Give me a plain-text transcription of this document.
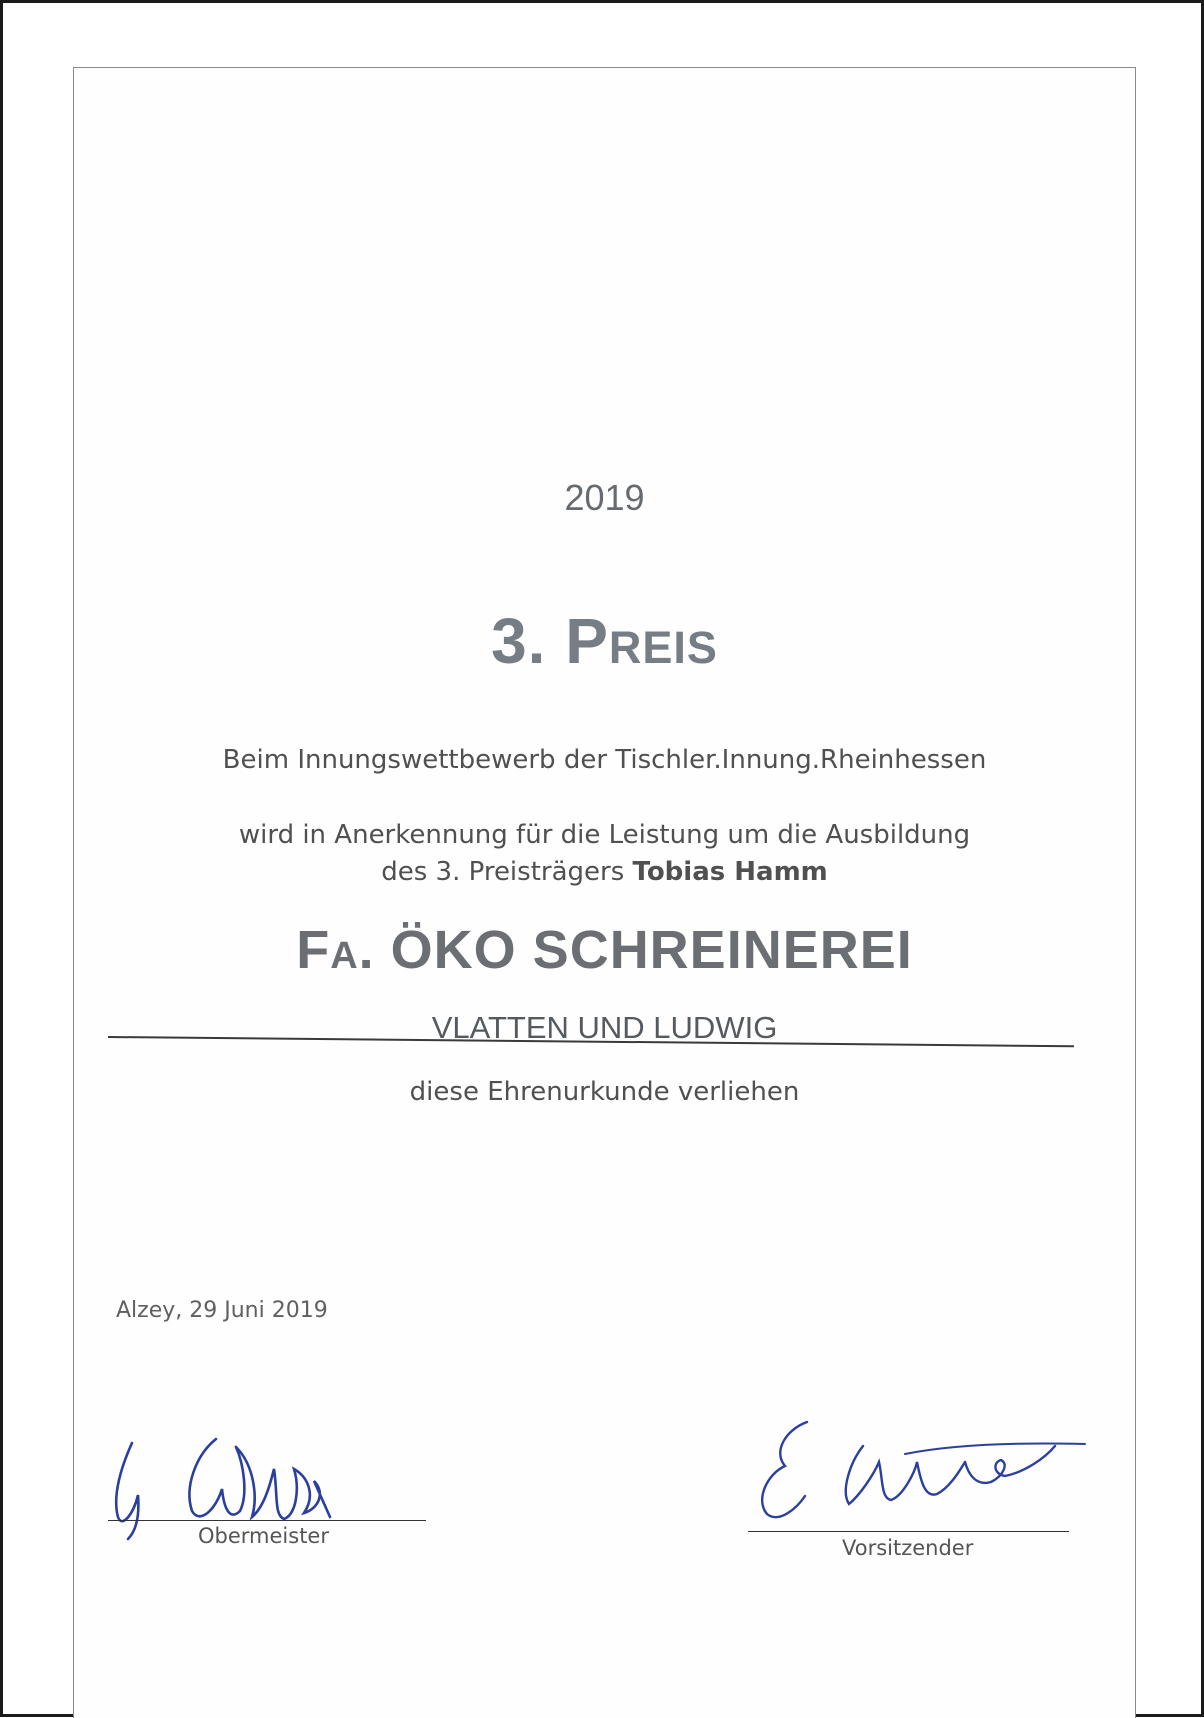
2019
3. Preis
Beim Innungswettbewerb der Tischler.Innung.Rheinhessen
wird in Anerkennung für die Leistung um die Ausbildung
des 3. Preisträgers Tobias Hamm
Fa. ÖKO SCHREINEREI
VLATTEN UND LUDWIG
diese Ehrenurkunde verliehen
Alzey, 29 Juni 2019
Obermeister	Vorsitzender
